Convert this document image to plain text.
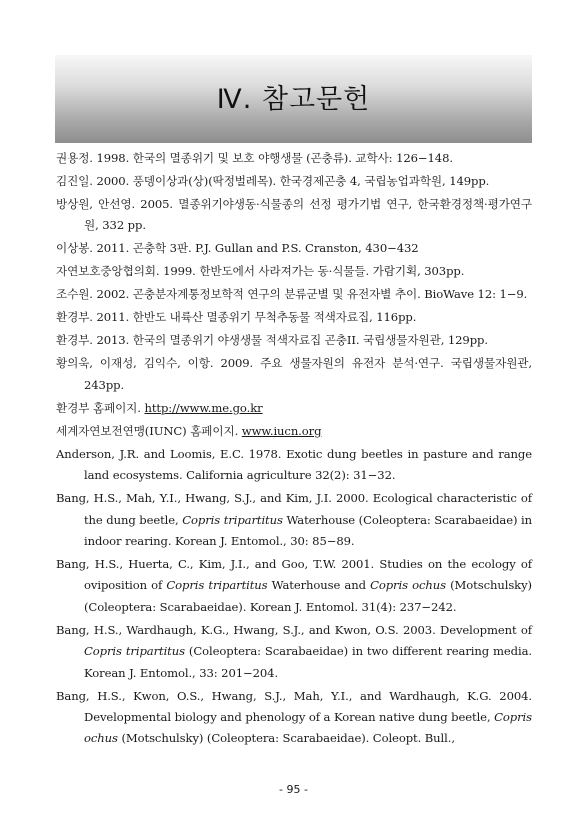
Ⅳ. 참고문헌

권용정. 1998. 한국의 멸종위기 및 보호 야행생물 (곤충류). 교학사: 126−148.

김진일. 2000. 풍뎅이상과(상)(딱정벌레목). 한국경제곤충 4, 국립농업과학원, 149pp.

방상원, 안선영. 2005. 멸종위기야생동·식물종의 선정 평가기법 연구, 한국환경정책·평가연구원, 332 pp.

이상봉. 2011. 곤충학 3판. P.J. Gullan and P.S. Cranston, 430−432

자연보호중앙협의회. 1999. 한반도에서 사라져가는 동·식물들. 가람기획, 303pp.

조수원. 2002. 곤충분자계통정보학적 연구의 분류군별 및 유전자별 추이. BioWave 12: 1−9.

환경부. 2011. 한반도 내륙산 멸종위기 무척추동물 적색자료집, 116pp.

환경부. 2013. 한국의 멸종위기 야생생물 적색자료집 곤충II. 국립생물자원관, 129pp.

황의욱, 이재성, 김익수, 이항. 2009. 주요 생물자원의 유전자 분석·연구. 국립생물자원관, 243pp.

환경부 홈페이지. http://www.me.go.kr

세계자연보전연맹(IUNC) 홈페이지. www.iucn.org

Anderson, J.R. and Loomis, E.C. 1978. Exotic dung beetles in pasture and range land ecosystems. California agriculture 32(2): 31−32.

Bang, H.S., Mah, Y.I., Hwang, S.J., and Kim, J.I. 2000. Ecological characteristic of the dung beetle, Copris tripartitus Waterhouse (Coleoptera: Scarabaeidae) in indoor rearing. Korean J. Entomol., 30: 85−89.

Bang, H.S., Huerta, C., Kim, J.I., and Goo, T.W. 2001. Studies on the ecology of oviposition of Copris tripartitus Waterhouse and Copris ochus (Motschulsky) (Coleoptera: Scarabaeidae). Korean J. Entomol. 31(4): 237−242.

Bang, H.S., Wardhaugh, K.G., Hwang, S.J., and Kwon, O.S. 2003. Development of Copris tripartitus (Coleoptera: Scarabaeidae) in two different rearing media. Korean J. Entomol., 33: 201−204.

Bang, H.S., Kwon, O.S., Hwang, S.J., Mah, Y.I., and Wardhaugh, K.G. 2004. Developmental biology and phenology of a Korean native dung beetle, Copris ochus (Motschulsky) (Coleoptera: Scarabaeidae). Coleopt. Bull.,

- 95 -
